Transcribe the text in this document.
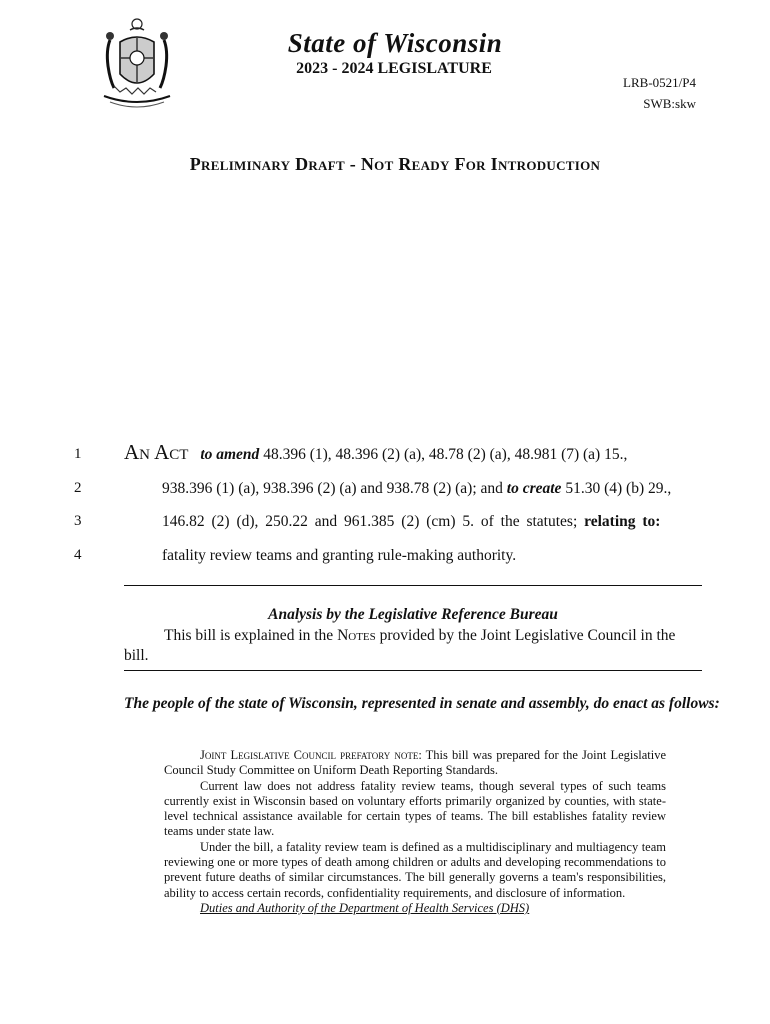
State of Wisconsin
2023 - 2024 LEGISLATURE
LRB-0521/P4
SWB:skw
Preliminary Draft - Not Ready For Introduction
1
2
3
4
An Act to amend 48.396 (1), 48.396 (2) (a), 48.78 (2) (a), 48.981 (7) (a) 15.,
938.396 (1) (a), 938.396 (2) (a) and 938.78 (2) (a); and to create 51.30 (4) (b) 29.,
146.82 (2) (d), 250.22 and 961.385 (2) (cm) 5. of the statutes; relating to:
fatality review teams and granting rule-making authority.
Analysis by the Legislative Reference Bureau
This bill is explained in the Notes provided by the Joint Legislative Council in the bill.
The people of the state of Wisconsin, represented in senate and assembly, do enact as follows:

Joint Legislative Council prefatory note: This bill was prepared for the Joint Legislative Council Study Committee on Uniform Death Reporting Standards.

Current law does not address fatality review teams, though several types of such teams currently exist in Wisconsin based on voluntary efforts primarily organized by counties, with state-level technical assistance available for certain types of teams. The bill establishes fatality review teams under state law.

Under the bill, a fatality review team is defined as a multidisciplinary and multiagency team reviewing one or more types of death among children or adults and developing recommendations to prevent future deaths of similar circumstances. The bill generally governs a team's responsibilities, ability to access certain records, confidentiality requirements, and disclosure of information.

Duties and Authority of the Department of Health Services (DHS)
